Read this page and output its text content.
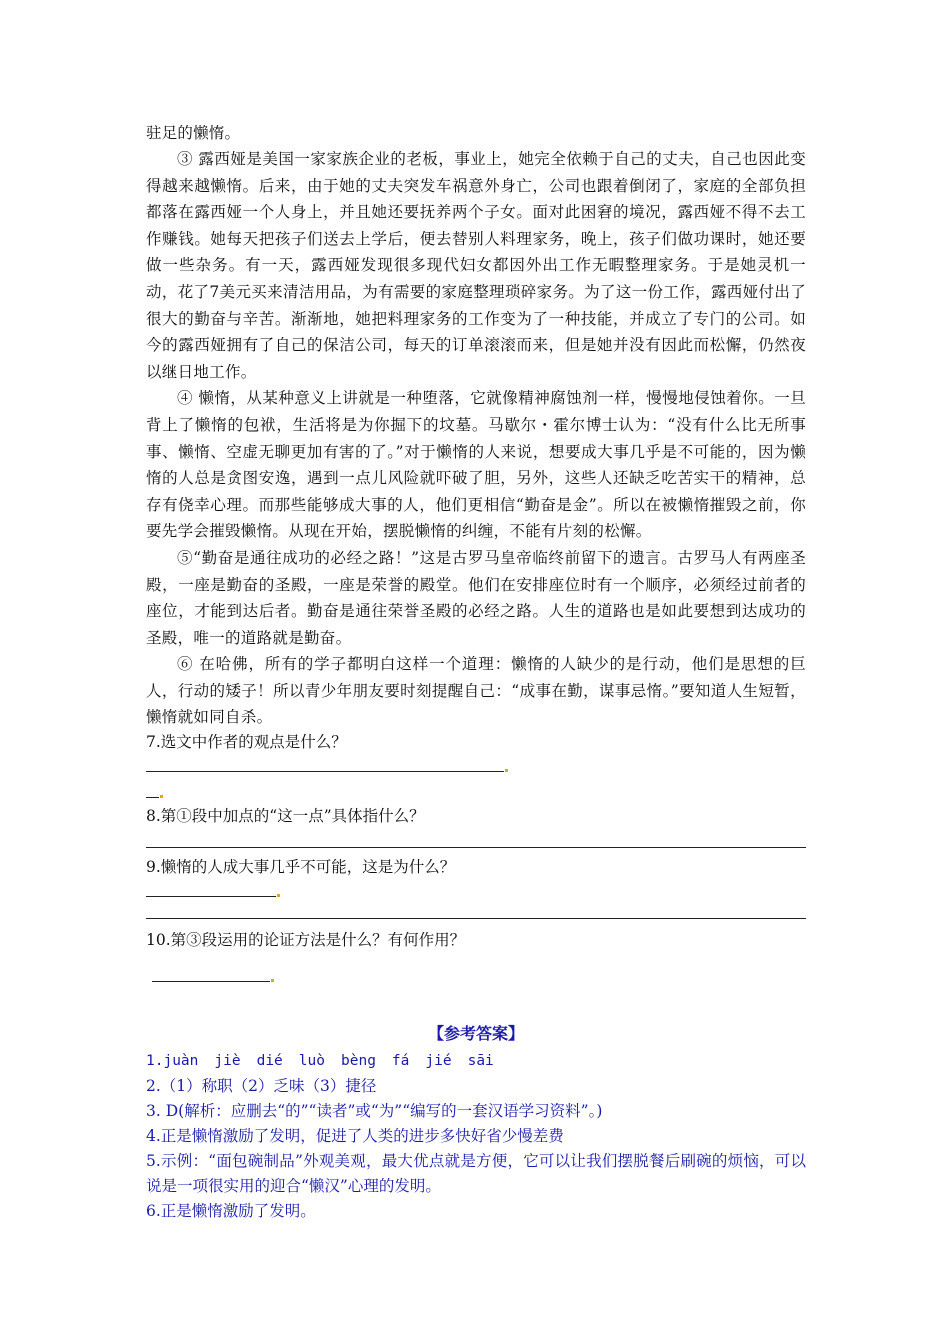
驻足的懒惰。
③ 露西娅是美国一家家族企业的老板，事业上，她完全依赖于自己的丈夫，自己也因此变得越来越懒惰。后来，由于她的丈夫突发车祸意外身亡，公司也跟着倒闭了，家庭的全部负担都落在露西娅一个人身上，并且她还要抚养两个子女。面对此困窘的境况，露西娅不得不去工作赚钱。她每天把孩子们送去上学后，便去替别人料理家务，晚上，孩子们做功课时，她还要做一些杂务。有一天，露西娅发现很多现代妇女都因外出工作无暇整理家务。于是她灵机一动，花了7美元买来清洁用品，为有需要的家庭整理琐碎家务。为了这一份工作，露西娅付出了很大的勤奋与辛苦。渐渐地，她把料理家务的工作变为了一种技能，并成立了专门的公司。如今的露西娅拥有了自己的保洁公司，每天的订单滚滚而来，但是她并没有因此而松懈，仍然夜以继日地工作。
④ 懒惰，从某种意义上讲就是一种堕落，它就像精神腐蚀剂一样，慢慢地侵蚀着你。一旦背上了懒惰的包袱，生活将是为你掘下的坟墓。马歇尔・霍尔博士认为：“没有什么比无所事事、懒惰、空虚无聊更加有害的了。”对于懒惰的人来说，想要成大事几乎是不可能的，因为懒惰的人总是贪图安逸，遇到一点儿风险就吓破了胆，另外，这些人还缺乏吃苦实干的精神，总存有侥幸心理。而那些能够成大事的人，他们更相信“勤奋是金”。所以在被懒惰摧毁之前，你要先学会摧毁懒惰。从现在开始，摆脱懒惰的纠缠，不能有片刻的松懈。
⑤“勤奋是通往成功的必经之路！”这是古罗马皇帝临终前留下的遗言。古罗马人有两座圣殿，一座是勤奋的圣殿，一座是荣誉的殿堂。他们在安排座位时有一个顺序，必须经过前者的座位，才能到达后者。勤奋是通往荣誉圣殿的必经之路。人生的道路也是如此要想到达成功的圣殿，唯一的道路就是勤奋。
⑥ 在哈佛，所有的学子都明白这样一个道理：懒惰的人缺少的是行动，他们是思想的巨人，行动的矮子！所以青少年朋友要时刻提醒自己：“成事在勤，谋事忌惰。”要知道人生短暂，懒惰就如同自杀。
7.选文中作者的观点是什么？
8.第①段中加点的“这一点”具体指什么？
9.懒惰的人成大事几乎不可能，这是为什么？
10.第③段运用的论证方法是什么？有何作用？
【参考答案】
1.juàn jiè dié luò bèng fá jié sāi
2.（1）称职（2）乏味（3）捷径
3. D(解析：应删去“的”“读者”或“为”“编写的一套汉语学习资料”。)
4.正是懒惰激励了发明，促进了人类的进步多快好省少慢差费
5.示例：“面包碗制品”外观美观，最大优点就是方便，它可以让我们摆脱餐后刷碗的烦恼，可以说是一项很实用的迎合“懒汉”心理的发明。
6.正是懒惰激励了发明。
